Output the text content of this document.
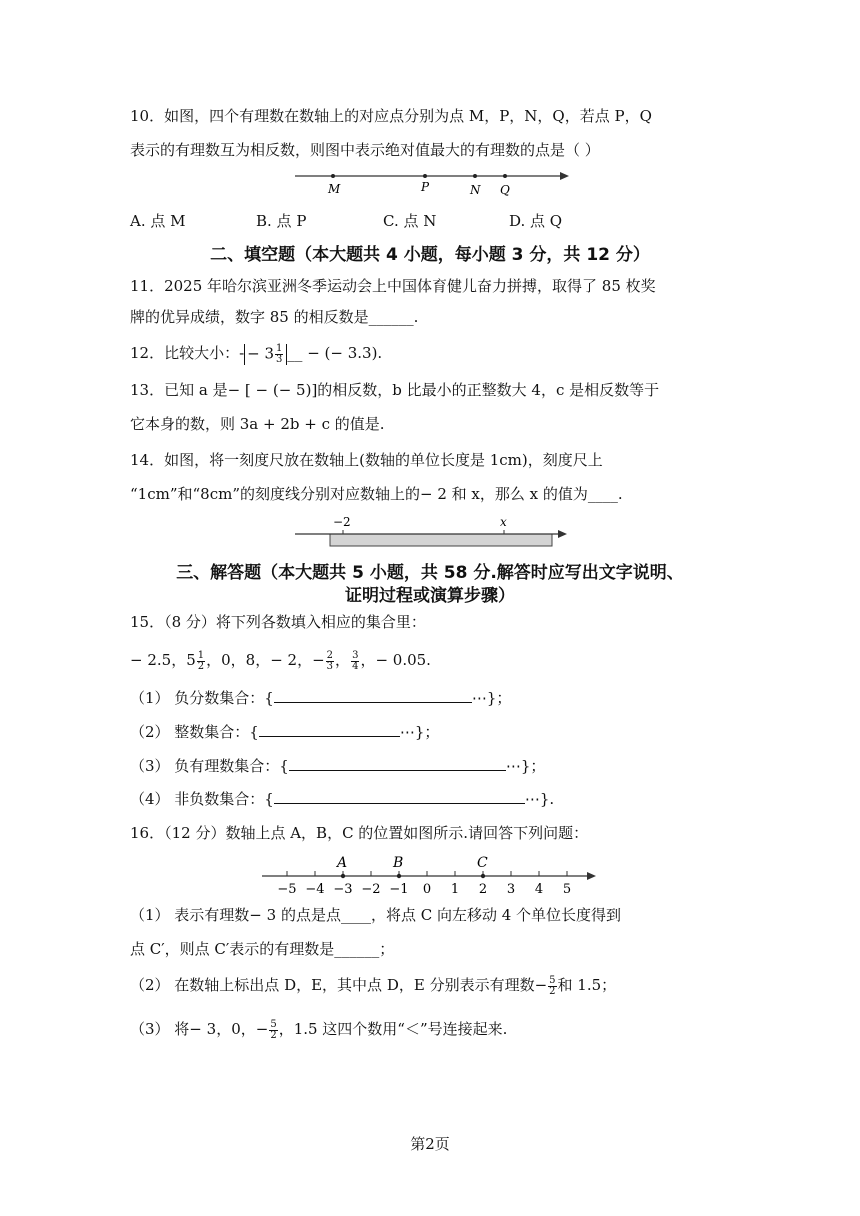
10．如图，四个有理数在数轴上的对应点分别为点 M，P，N，Q，若点 P，Q
表示的有理数互为相反数，则图中表示绝对值最大的有理数的点是（ ）
M	P	N Q
A. 点 M	B. 点 P	C. 点 N	D. 点 Q
二、填空题（本大题共 4 小题，每小题 3 分，共 12 分）
11．2025 年哈尔滨亚洲冬季运动会上中国体育健儿奋力拼搏，取得了 85 枚奖
牌的优异成绩，数字 85 的相反数是______.
12．比较大小：- − $3 \frac{1}{3}$ __ − (− 3.3).
13．已知 a 是− [ − (− 5)]的相反数，b 比最小的正整数大 4，c 是相反数等于
它本身的数，则 3a + 2b + c 的值是.
14．如图，将一刻度尺放在数轴上(数轴的单位长度是 1cm)，刻度尺上
“1cm”和“8cm”的刻度线分别对应数轴上的− 2 和 x，那么 x 的值为____.
−2	x
三、解答题（本大题共 5 小题，共 58 分.解答时应写出文字说明、
证明过程或演算步骤）
15．（8 分）将下列各数填入相应的集合里：
− 2.5，$5 \frac{1}{2}$ ，0，8，− 2，− $\frac{2}{3}$ ， $\frac{3}{4}$ ，− 0.05.
（1） 负分数集合：{	⋯}；
（2） 整数集合：{	⋯}；
（3） 负有理数集合：{	⋯}；
（4） 非负数集合：{	⋯}.
16．（12 分）数轴上点 A，B，C 的位置如图所示.请回答下列问题：
−5 −4 −3 −2 −1 0 1 2 3 4 5
A	B	C
（1） 表示有理数− 3 的点是点____，将点 C 向左移动 4 个单位长度得到
点 C′，则点 C′表示的有理数是______；
（2） 在数轴上标出点 D，E，其中点 D，E 分别表示有理数− $\frac{5}{2}$ 和 1.5；
（3） 将− 3，0，− $\frac{5}{2}$ ，1.5 这四个数用“＜”号连接起来.
第2页
